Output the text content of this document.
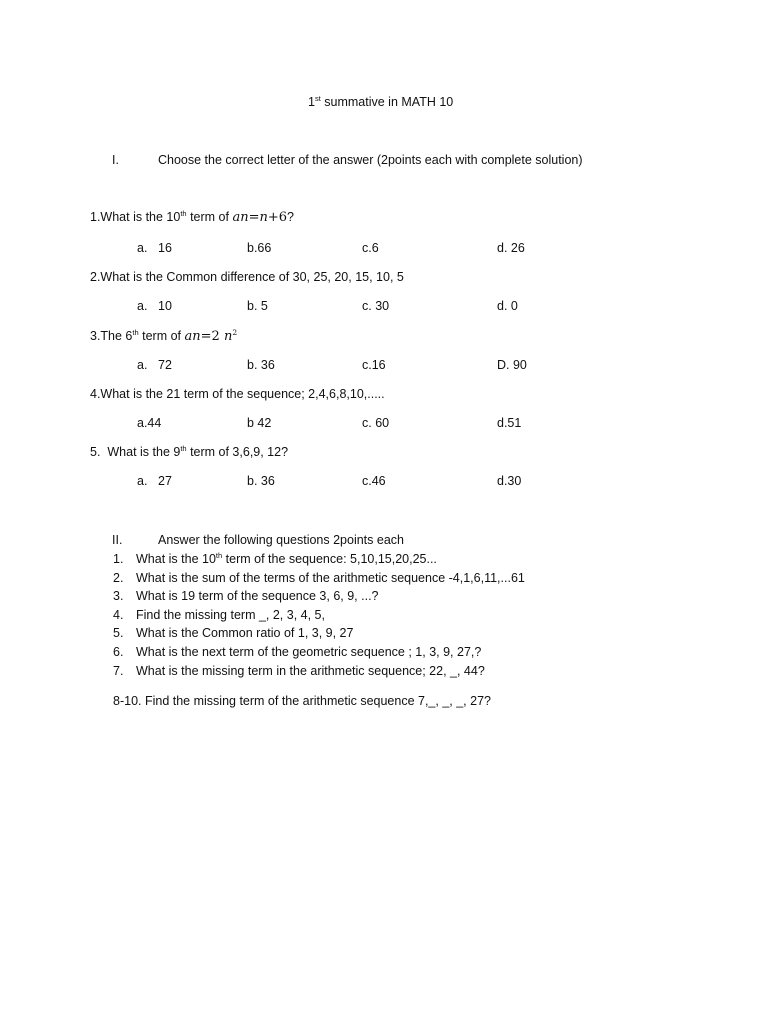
1st summative in MATH 10
I.	Choose the correct letter of the answer (2points each with complete solution)
1.What is the 10th term of an=n+6?
a. 16	b.66	c.6	d. 26
2.What is the Common difference of 30, 25, 20, 15, 10, 5
a. 10	b. 5	c. 30	d. 0
3.The 6th term of an=2 $n^2$
a. 72	b. 36	c.16	D. 90
4.What is the 21 term of the sequence; 2,4,6,8,10,.....
a.44	b 42	c. 60	d.51
5.  What is the 9th term of 3,6,9, 12?
a. 27	b. 36	c.46	d.30
II.	Answer the following questions 2points each
1. What is the 10th term of the sequence: 5,10,15,20,25...
2. What is the sum of the terms of the arithmetic sequence -4,1,6,11,...61
3. What is 19 term of the sequence 3, 6, 9, ...?
4. Find the missing term _, 2, 3, 4, 5,
5. What is the Common ratio of 1, 3, 9, 27
6. What is the next term of the geometric sequence ; 1, 3, 9, 27,?
7. What is the missing term in the arithmetic sequence; 22, _, 44?
8-10. Find the missing term of the arithmetic sequence 7,_, _, _, 27?
